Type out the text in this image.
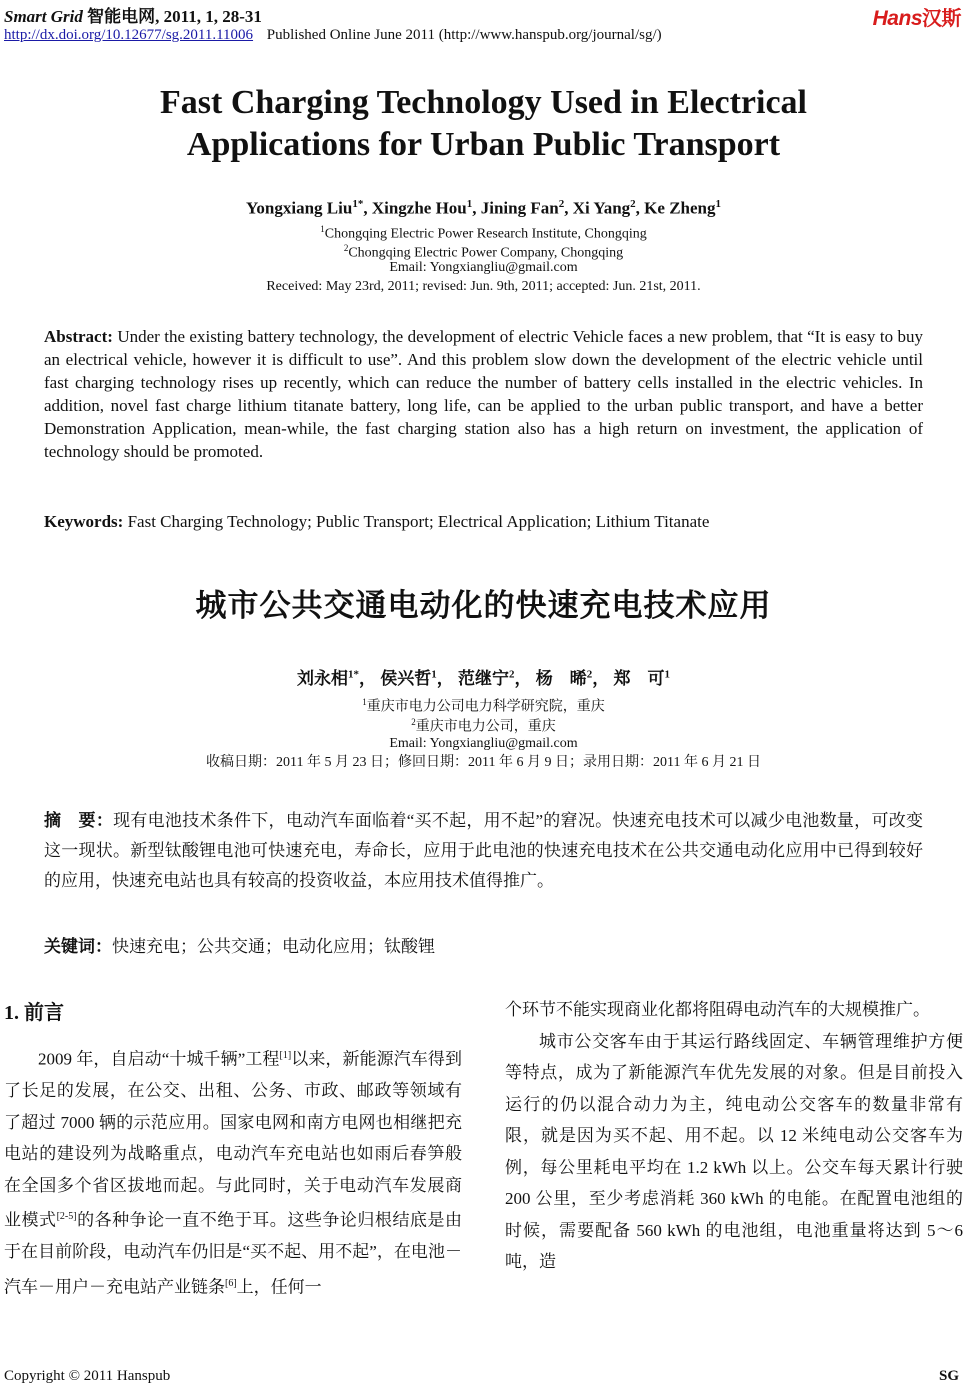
Smart Grid 智能电网, 2011, 1, 28-31
http://dx.doi.org/10.12677/sg.2011.11006 Published Online June 2011 (http://www.hanspub.org/journal/sg/)
Hans汉斯
Fast Charging Technology Used in Electrical
Applications for Urban Public Transport
Yongxiang Liu$^{1*}$, Xingzhe Hou$^1$, Jining Fan$^2$, Xi Yang$^2$, Ke Zheng$^1$
$^1$Chongqing Electric Power Research Institute, Chongqing
$^2$Chongqing Electric Power Company, Chongqing
Email: Yongxiangliu@gmail.com
Received: May 23rd, 2011; revised: Jun. 9th, 2011; accepted: Jun. 21st, 2011.
Abstract: Under the existing battery technology, the development of electric Vehicle faces a new problem, that “It is easy to buy an electrical vehicle, however it is difficult to use”. And this problem slow down the development of the electric vehicle until fast charging technology rises up recently, which can reduce the number of battery cells installed in the electric vehicles. In addition, novel fast charge lithium titanate battery, long life, can be applied to the urban public transport, and have a better Demonstration Application, mean-while, the fast charging station also has a high return on investment, the application of technology should be promoted.
Keywords: Fast Charging Technology; Public Transport; Electrical Application; Lithium Titanate
城市公共交通电动化的快速充电技术应用
刘永相$^{1*}$， 侯兴哲$^1$， 范继宁$^2$， 杨　晞$^2$， 郑　可$^1$
$^1$重庆市电力公司电力科学研究院，重庆
$^2$重庆市电力公司，重庆
Email: Yongxiangliu@gmail.com
收稿日期：2011 年 5 月 23 日；修回日期：2011 年 6 月 9 日；录用日期：2011 年 6 月 21 日
摘　要：现有电池技术条件下，电动汽车面临着“买不起，用不起”的窘况。快速充电技术可以减少电池数量，可改变这一现状。新型钛酸锂电池可快速充电，寿命长，应用于此电池的快速充电技术在公共交通电动化应用中已得到较好的应用，快速充电站也具有较高的投资收益，本应用技术值得推广。
关键词：快速充电；公共交通；电动化应用；钛酸锂
1. 前言

2009 年，自启动“十城千辆”工程[1]以来，新能源汽车得到了长足的发展，在公交、出租、公务、市政、邮政等领域有了超过 7000 辆的示范应用。国家电网和南方电网也相继把充电站的建设列为战略重点，电动汽车充电站也如雨后春笋般在全国多个省区拔地而起。与此同时，关于电动汽车发展商业模式[2-5]的各种争论一直不绝于耳。这些争论归根结底是由于在目前阶段，电动汽车仍旧是“买不起、用不起”，在电池－汽车－用户－充电站产业链条[6]上，任何一

个环节不能实现商业化都将阻碍电动汽车的大规模推广。

城市公交客车由于其运行路线固定、车辆管理维护方便等特点，成为了新能源汽车优先发展的对象。但是目前投入运行的仍以混合动力为主，纯电动公交客车的数量非常有限，就是因为买不起、用不起。以 12 米纯电动公交客车为例，每公里耗电平均在 1.2 kWh 以上。公交车每天累计行驶 200 公里，至少考虑消耗 360 kWh 的电能。在配置电池组的时候，需要配备 560 kWh 的电池组，电池重量将达到 5～6 吨，造

Copyright © 2011 Hanspub	SG
